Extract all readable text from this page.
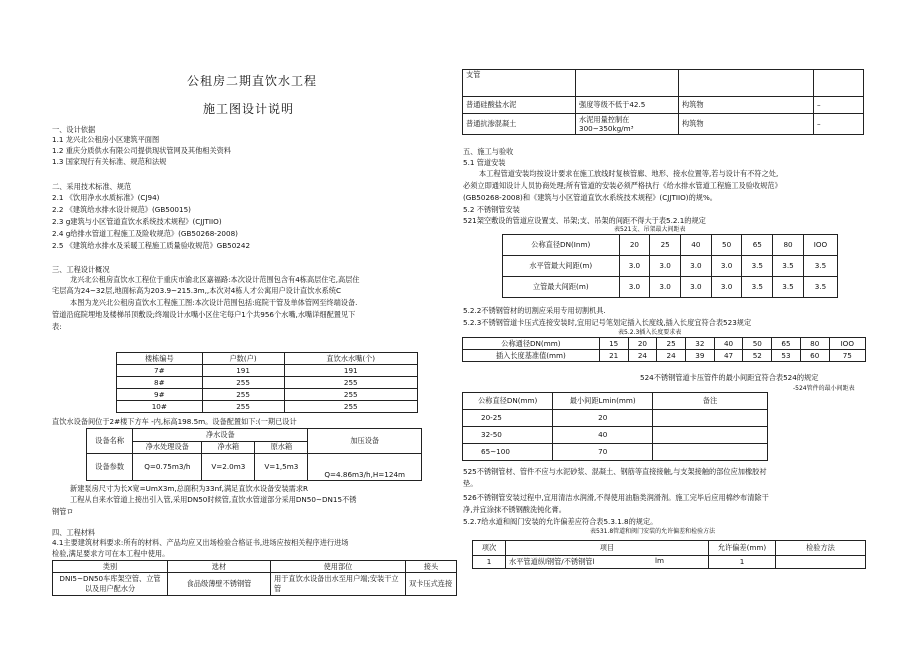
公租房二期直饮水工程
施工图设计说明
一、设计依据
1.1 龙兴北公租房小区建筑平面图
1.2 重庆分质供水有限公司提供现状管网及其他相关资料
1.3 国家现行有关标准、规范和法规
二、采用技术标准、规范
2.1 《饮用净水水质标准》(CJ94)
2.2 《建筑给水排水设计规范》(GB50015)
2.3 g建筑与小区管道直饮水系统技术规程》(CJJTIIO)
2.4 g给排水管道工程施工及险收规范》(GB50268-2008)
2.5 《建筑给水排水及采暖工程施工质量验收规范》GB50242
三、工程设计概况
龙兴北公租房直饮水工程位于重庆市渝北区嘉福路:本次设计范围包含有4栋高层住宅,高层住
宅层高为24~32层,地面标高为203.9~215.3m,,本次对4栋人才公寓用户设计直饮水系统C
本图为龙兴北公租房直饮水工程施工图:本次设计范围包括:庭院干管及单体管网至终端设备.
管道沿庭院埋地及楼梯吊顶敷设;终端设计水嘴小区住宅每户1个共956个水嘴,水嘴详细配置见下
表:
楼栋编号	户数(户)	直饮水水嘴(个)
7#	191	191
8#	255	255
9#	255	255
10#	255	255
直饮水设备间位于2#楼下方车 -内,标高198.5m。设备配置如下:(一期已设计
设备名称	净水设备			加压设备
	净水处理设备	净水箱	原水箱	
设备参数	Q=0.75m3/h	V=2.0m3	V=1,5m3	Q=4.86m3/h,H=124m
新建泵房尺寸为长X宽=UmX3m,总面积为33nf,满足直饮水设备安装需求R
工程从自来水管道上接出引入管,采用DN50时候管,直饮水管道部分采用DN50~DN15不锈
钢管ロ
四、工程材料
4.1主要建筑材料要求:所有的材料、产品均应又出场检验合格证书,进场应按相关程序进行进场
检验,满足要求方可在本工程中使用。
类别	选材	使用部位	接头
DNI5~DN50车库架空管、立管以及用户配水分	食品级薄壁不锈钢管	用于直饮水设备出水至用户端;安装干立管	双卡压式连接
支管			
普通硅酸盐水泥	强度等级不低于42.5	构筑物	–
普通抗渗混凝土	水泥用量控制在300~350kg/m³	构筑物	–
五、施工与验收
5.1 管道安装
本工程管道安装均按设计要求在施工放线时复核管廊、地形、接水位置等,若与设计有不符之处,
必须立即通知设计人员协商处理;所有管道的安装必须严格执行《给水排水管道工程施工及验收规范》
(GB50268-2008)和《建筑与小区管道直饮水系统技术规程》(CJJTIIO)的规%。
5.2 不锈钢管安装
521架空敷设的管道应设置支、吊架;支、吊架的间距不得大于表5.2.1的规定
表521支、吊架最大间距表
公称直径DN(Inm)	20	25	40	50	65	80	IOO
水平管最大间距(m)	3.0	3.0	3.0	3.0	3.5	3.5	3.5
立管最大间距(m)	3.0	3.0	3.0	3.0	3.5	3.5	3.5
5.2.2不锈钢管材的切割应采用专用切割机具.
5.2.3不锈钢管道卡压式连接安装时,宜用记号笔划定插入长度线,插入长度宜符合表523规定
表5.2.3插入长度要求表
公称通径DN(mm)	15	20	25	32	40	50	65	80	IOO
插入长度基准值(mm)	21	24	24	39	47	52	53	60	75
524不锈钢管道卡压管件的最小间距宜符合表524的规定
-524管件的最小间距表
公称直径DN(mm)	最小间距Lmin(mm)	备注
20-25	20	
32-50	40	
65~100	70	
525不锈钢管材、管件不应与水泥砂浆、混凝土、钢筋等直接接触,与支架接触的部位应加橡胶衬
垫。
526不锈钢管安装过程中,宜用清洁水润滑,不得使用油脂类润滑剂。施工完毕后应用棉纱布清除干
净,并宜涂抹不锈钢酸洗钝化膏。
5.2.7给水道和阀门安装的允许偏差应符合表5.3.1.8的规定。
表531.8管道和阀门安装的允许偏差和检验方法
项次	项目	允许偏差(mm)	检验方法
1	水平管道纵l钢管/不锈钢管l lm	1	
